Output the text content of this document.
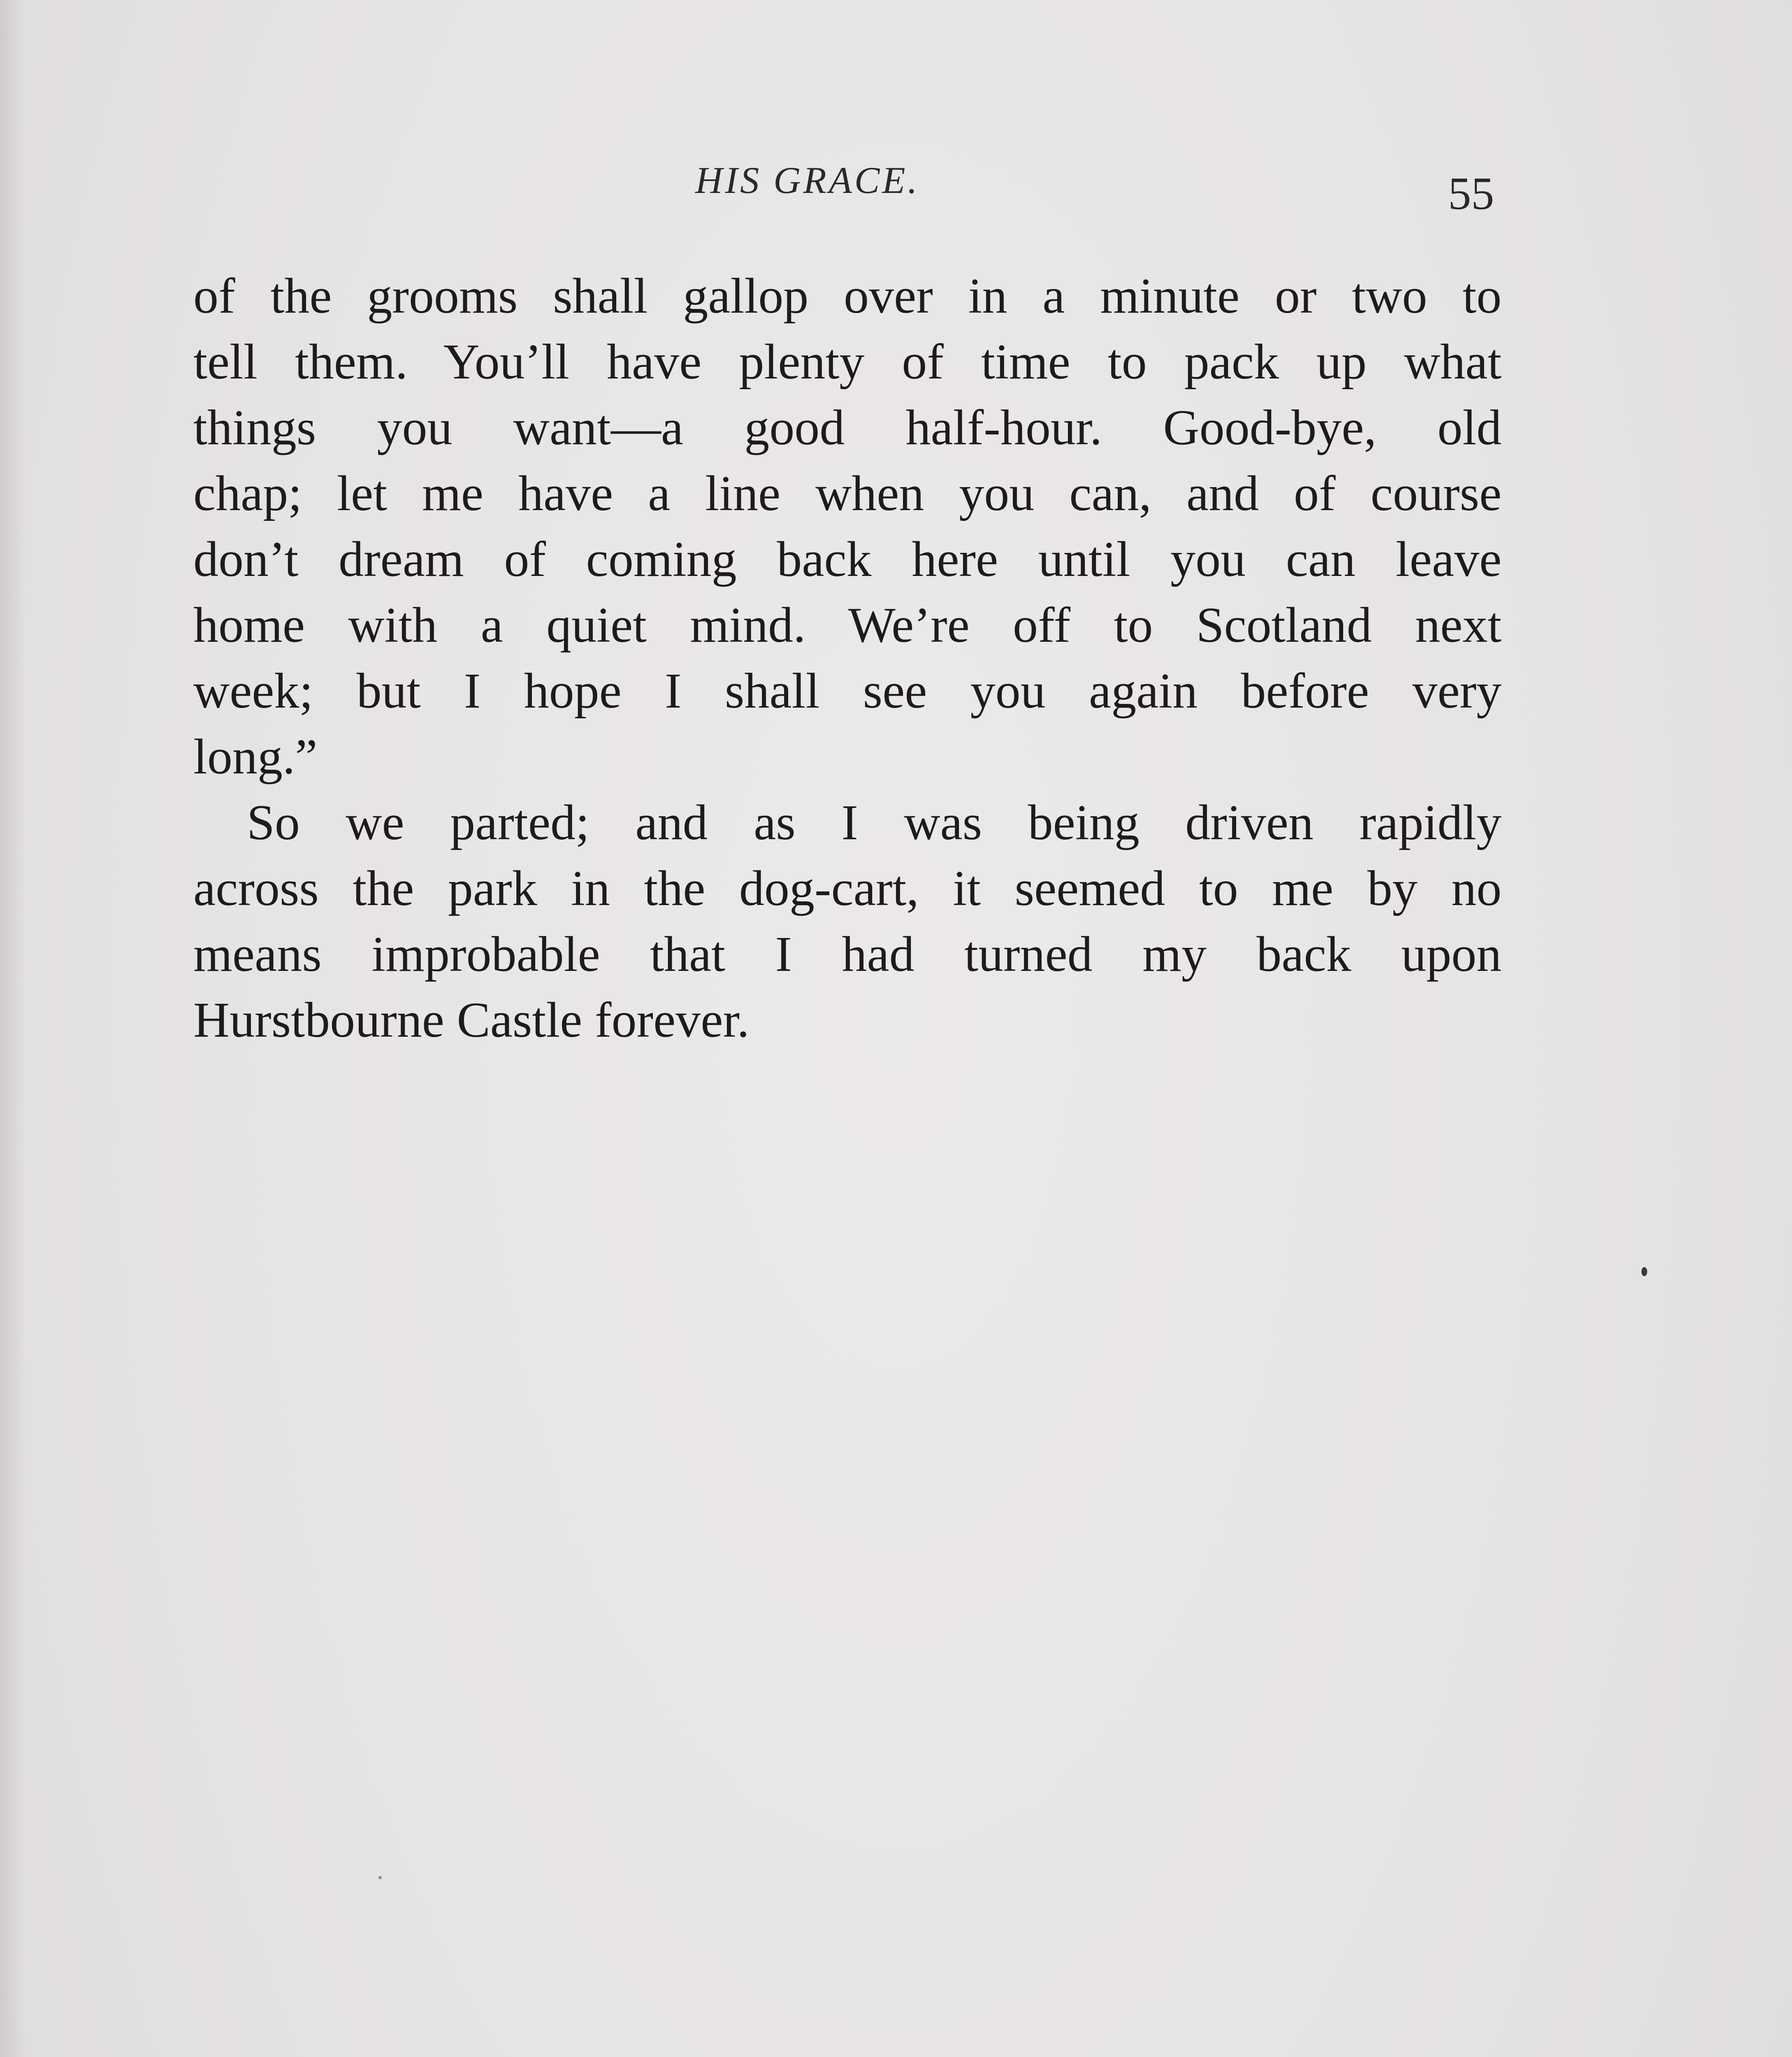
HIS GRACE.	55
of the grooms shall gallop over in a minute or two to
tell them. You’ll have plenty of time to pack up what
things you want—a good half-hour. Good-bye, old
chap; let me have a line when you can, and of course
don’t dream of coming back here until you can leave
home with a quiet mind. We’re off to Scotland next
week; but I hope I shall see you again before very
long.”
So we parted; and as I was being driven rapidly
across the park in the dog-cart, it seemed to me by no
means improbable that I had turned my back upon
Hurstbourne Castle forever.
